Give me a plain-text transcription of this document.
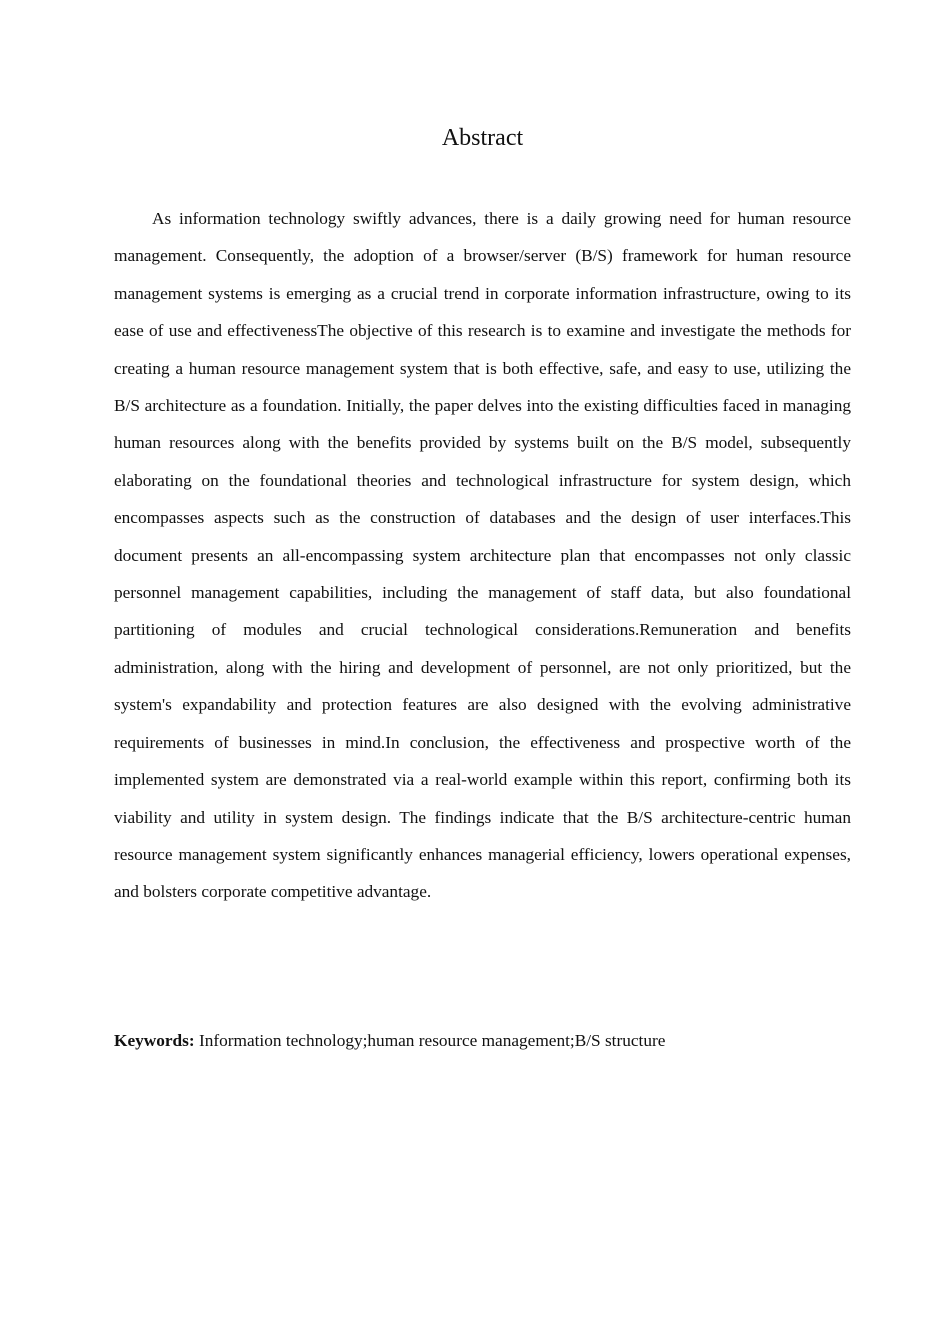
Abstract

As information technology swiftly advances, there is a daily growing need for human resource management. Consequently, the adoption of a browser/server (B/S) framework for human resource management systems is emerging as a crucial trend in corporate information infrastructure, owing to its ease of use and effectivenessThe objective of this research is to examine and investigate the methods for creating a human resource management system that is both effective, safe, and easy to use, utilizing the B/S architecture as a foundation. Initially, the paper delves into the existing difficulties faced in managing human resources along with the benefits provided by systems built on the B/S model, subsequently elaborating on the foundational theories and technological infrastructure for system design, which encompasses aspects such as the construction of databases and the design of user interfaces.This document presents an all-encompassing system architecture plan that encompasses not only classic personnel management capabilities, including the management of staff data, but also foundational partitioning of modules and crucial technological considerations.Remuneration and benefits administration, along with the hiring and development of personnel, are not only prioritized, but the system's expandability and protection features are also designed with the evolving administrative requirements of businesses in mind.In conclusion, the effectiveness and prospective worth of the implemented system are demonstrated via a real-world example within this report, confirming both its viability and utility in system design. The findings indicate that the B/S architecture-centric human resource management system significantly enhances managerial efficiency, lowers operational expenses, and bolsters corporate competitive advantage.

Keywords: Information technology;human resource management;B/S structure
